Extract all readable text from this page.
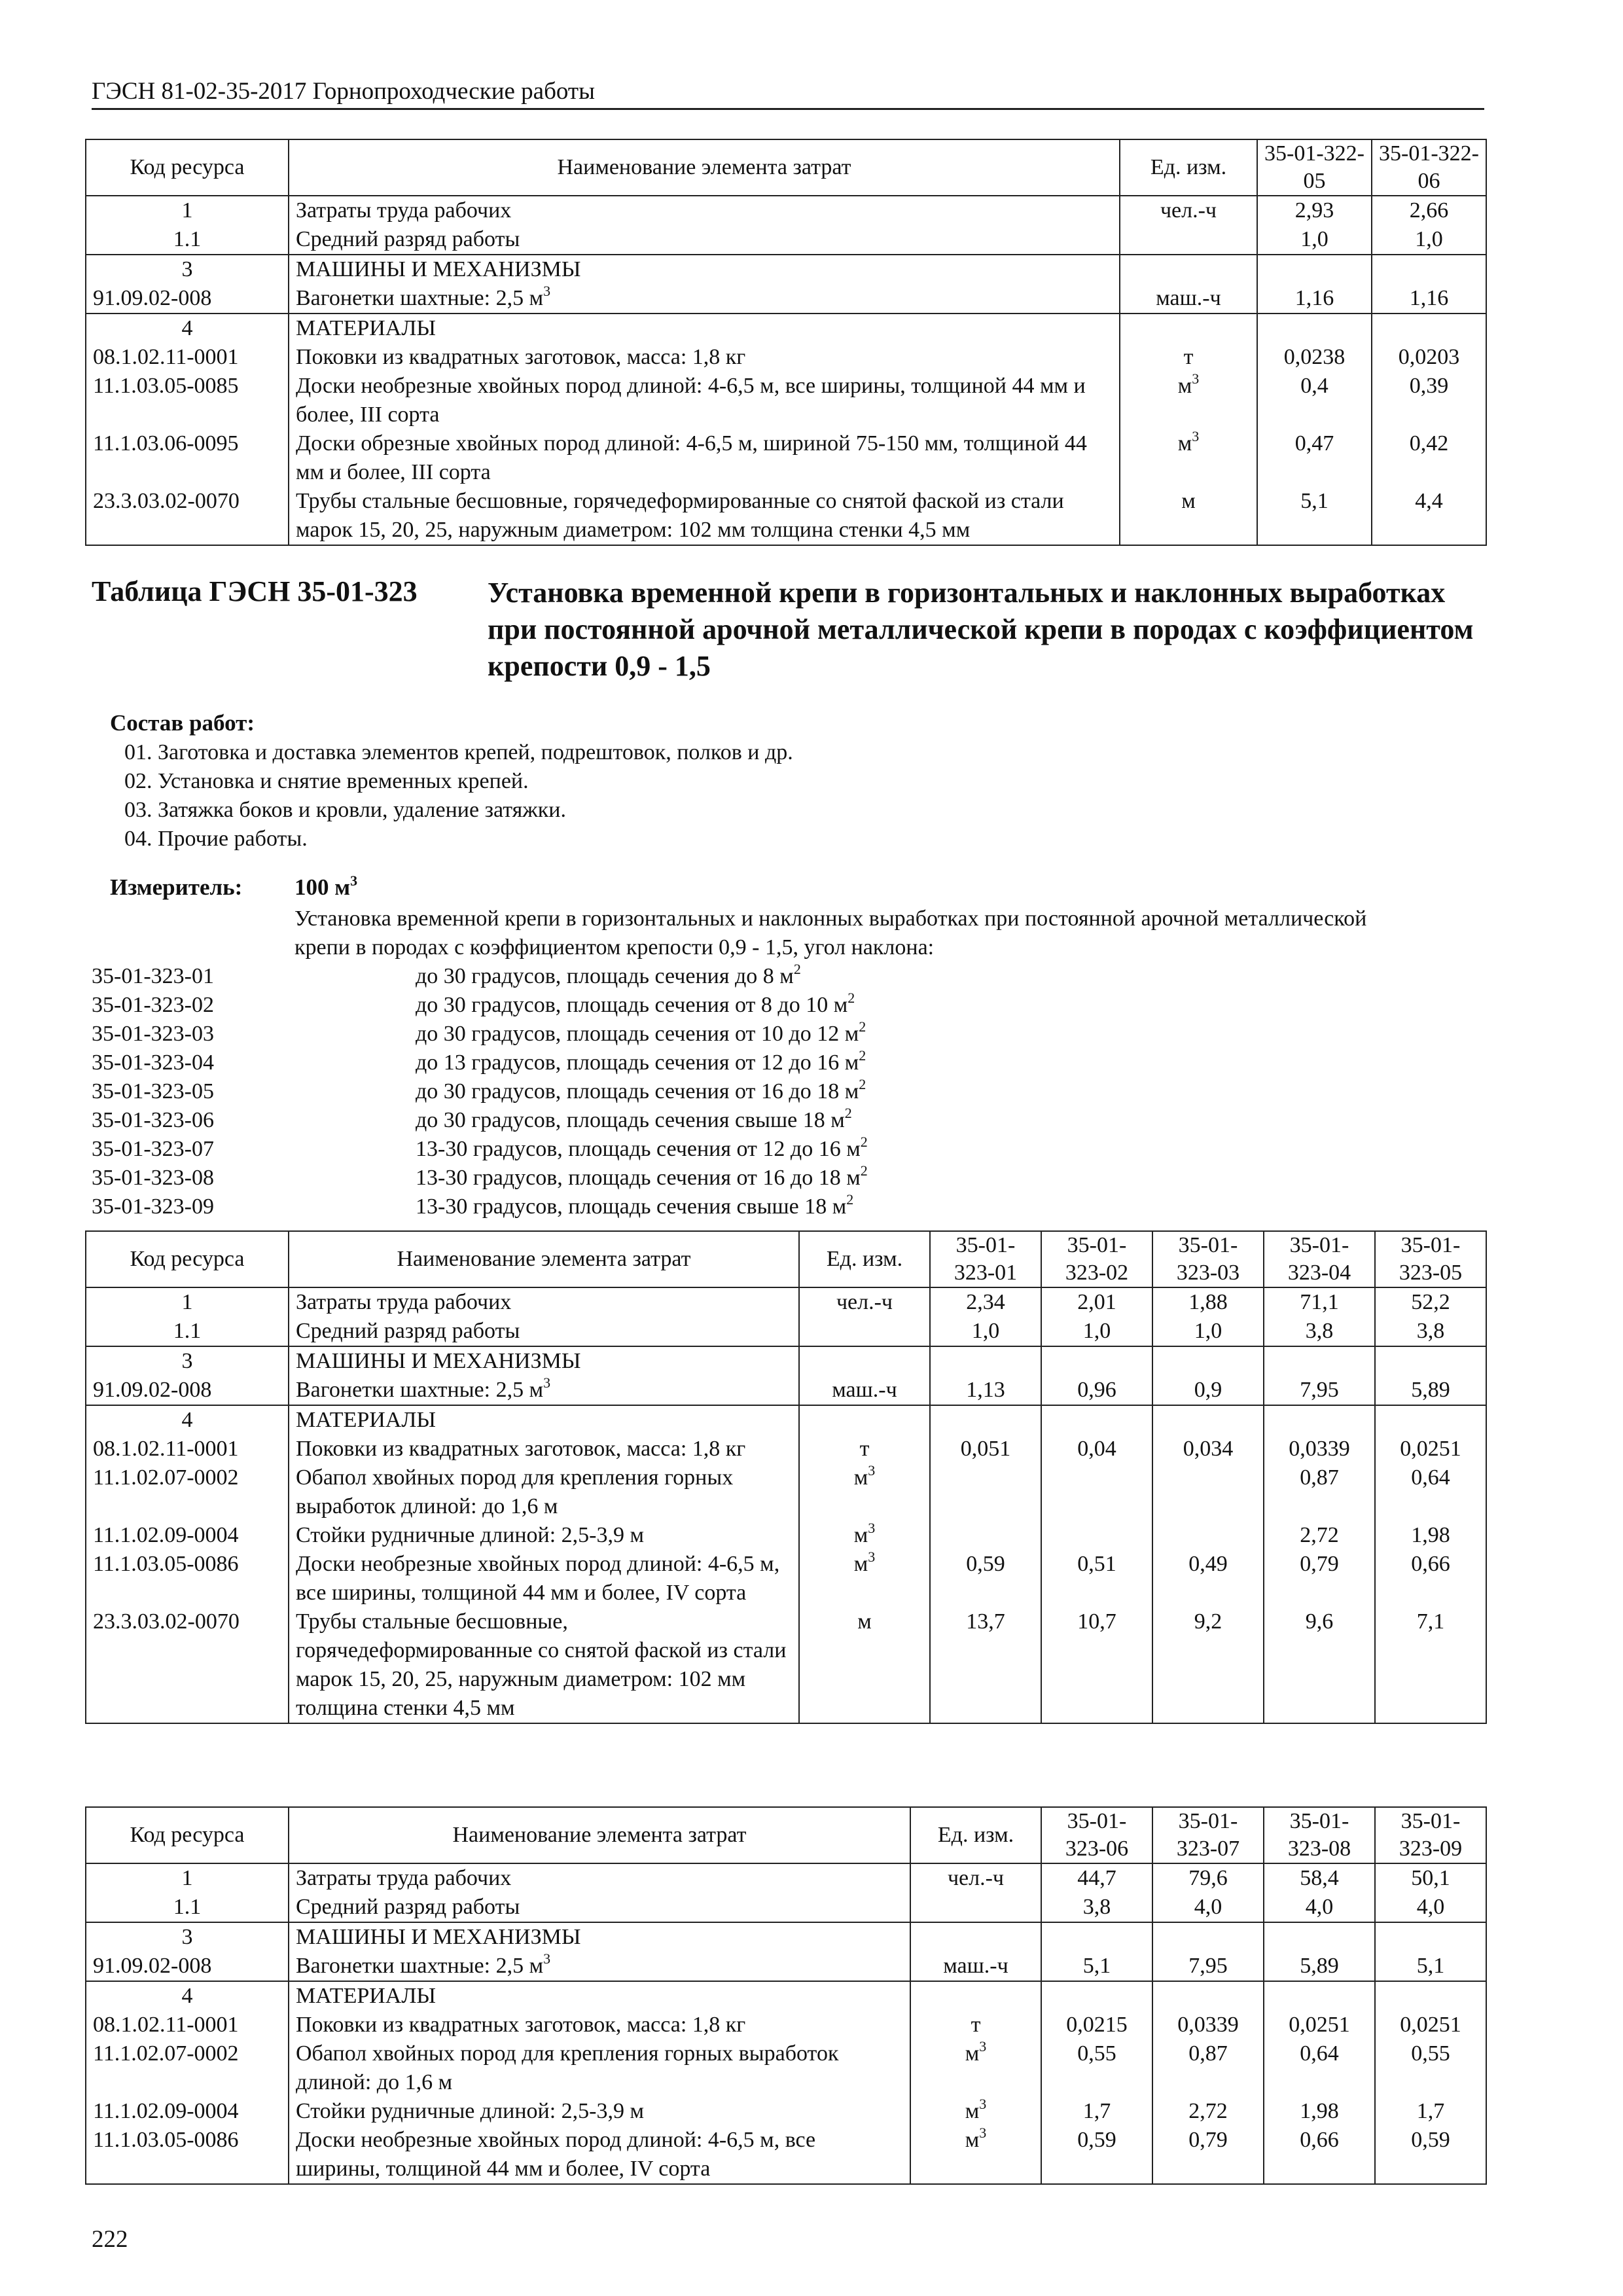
ГЭСН 81-02-35-2017 Горнопроходческие работы
Код ресурса	Наименование элемента затрат	Ед. изм.	35-01-322-05	35-01-322-06
1	Затраты труда рабочих	чел.-ч	2,93	2,66
1.1	Средний разряд работы		1,0	1,0
3	МАШИНЫ И МЕХАНИЗМЫ			
91.09.02-008	Вагонетки шахтные: 2,5 $м^3$	маш.-ч	1,16	1,16
4	МАТЕРИАЛЫ			
08.1.02.11-0001	Поковки из квадратных заготовок, масса: 1,8 кг	т	0,0238	0,0203
11.1.03.05-0085	Доски необрезные хвойных пород длиной: 4-6,5 м, все ширины, толщиной 44 мм и более, III сорта	$м^3$	0,4	0,39
11.1.03.06-0095	Доски обрезные хвойных пород длиной: 4-6,5 м, шириной 75-150 мм, толщиной 44 мм и более, III сорта	$м^3$	0,47	0,42
23.3.03.02-0070	Трубы стальные бесшовные, горячедеформированные со снятой фаской из стали марок 15, 20, 25, наружным диаметром: 102 мм толщина стенки 4,5 мм	м	5,1	4,4
Таблица ГЭСН 35-01-323 Установка временной крепи в горизонтальных и наклонных выработках при постоянной арочной металлической крепи в породах с коэффициентом крепости 0,9 - 1,5
Состав работ:
01. Заготовка и доставка элементов крепей, подрештовок, полков и др.
02. Установка и снятие временных крепей.
03. Затяжка боков и кровли, удаление затяжки.
04. Прочие работы.
Измеритель: 100 $м^3$
Установка временной крепи в горизонтальных и наклонных выработках при постоянной арочной металлической крепи в породах с коэффициентом крепости 0,9 - 1,5, угол наклона:
35-01-323-01	до 30 градусов, площадь сечения до 8 $м^2$
35-01-323-02	до 30 градусов, площадь сечения от 8 до 10 $м^2$
35-01-323-03	до 30 градусов, площадь сечения от 10 до 12 $м^2$
35-01-323-04	до 13 градусов, площадь сечения от 12 до 16 $м^2$
35-01-323-05	до 30 градусов, площадь сечения от 16 до 18 $м^2$
35-01-323-06	до 30 градусов, площадь сечения свыше 18 $м^2$
35-01-323-07	13-30 градусов, площадь сечения от 12 до 16 $м^2$
35-01-323-08	13-30 градусов, площадь сечения от 16 до 18 $м^2$
35-01-323-09	13-30 градусов, площадь сечения свыше 18 $м^2$
Код ресурса	Наименование элемента затрат	Ед. изм.	35-01-323-01	35-01-323-02	35-01-323-03	35-01-323-04	35-01-323-05
1	Затраты труда рабочих	чел.-ч	2,34	2,01	1,88	71,1	52,2
1.1	Средний разряд работы		1,0	1,0	1,0	3,8	3,8
3	МАШИНЫ И МЕХАНИЗМЫ						
91.09.02-008	Вагонетки шахтные: 2,5 $м^3$	маш.-ч	1,13	0,96	0,9	7,95	5,89
4	МАТЕРИАЛЫ						
08.1.02.11-0001	Поковки из квадратных заготовок, масса: 1,8 кг	т	0,051	0,04	0,034	0,0339	0,0251
11.1.02.07-0002	Обапол хвойных пород для крепления горных выработок длиной: до 1,6 м	$м^3$				0,87	0,64
11.1.02.09-0004	Стойки рудничные длиной: 2,5-3,9 м	$м^3$				2,72	1,98
11.1.03.05-0086	Доски необрезные хвойных пород длиной: 4-6,5 м, все ширины, толщиной 44 мм и более, IV сорта	$м^3$	0,59	0,51	0,49	0,79	0,66
23.3.03.02-0070	Трубы стальные бесшовные, горячедеформированные со снятой фаской из стали марок 15, 20, 25, наружным диаметром: 102 мм толщина стенки 4,5 мм	м	13,7	10,7	9,2	9,6	7,1
Код ресурса	Наименование элемента затрат	Ед. изм.	35-01-323-06	35-01-323-07	35-01-323-08	35-01-323-09
1	Затраты труда рабочих	чел.-ч	44,7	79,6	58,4	50,1
1.1	Средний разряд работы		3,8	4,0	4,0	4,0
3	МАШИНЫ И МЕХАНИЗМЫ					
91.09.02-008	Вагонетки шахтные: 2,5 $м^3$	маш.-ч	5,1	7,95	5,89	5,1
4	МАТЕРИАЛЫ					
08.1.02.11-0001	Поковки из квадратных заготовок, масса: 1,8 кг	т	0,0215	0,0339	0,0251	0,0251
11.1.02.07-0002	Обапол хвойных пород для крепления горных выработок длиной: до 1,6 м	$м^3$	0,55	0,87	0,64	0,55
11.1.02.09-0004	Стойки рудничные длиной: 2,5-3,9 м	$м^3$	1,7	2,72	1,98	1,7
11.1.03.05-0086	Доски необрезные хвойных пород длиной: 4-6,5 м, все ширины, толщиной 44 мм и более, IV сорта	$м^3$	0,59	0,79	0,66	0,59
222
